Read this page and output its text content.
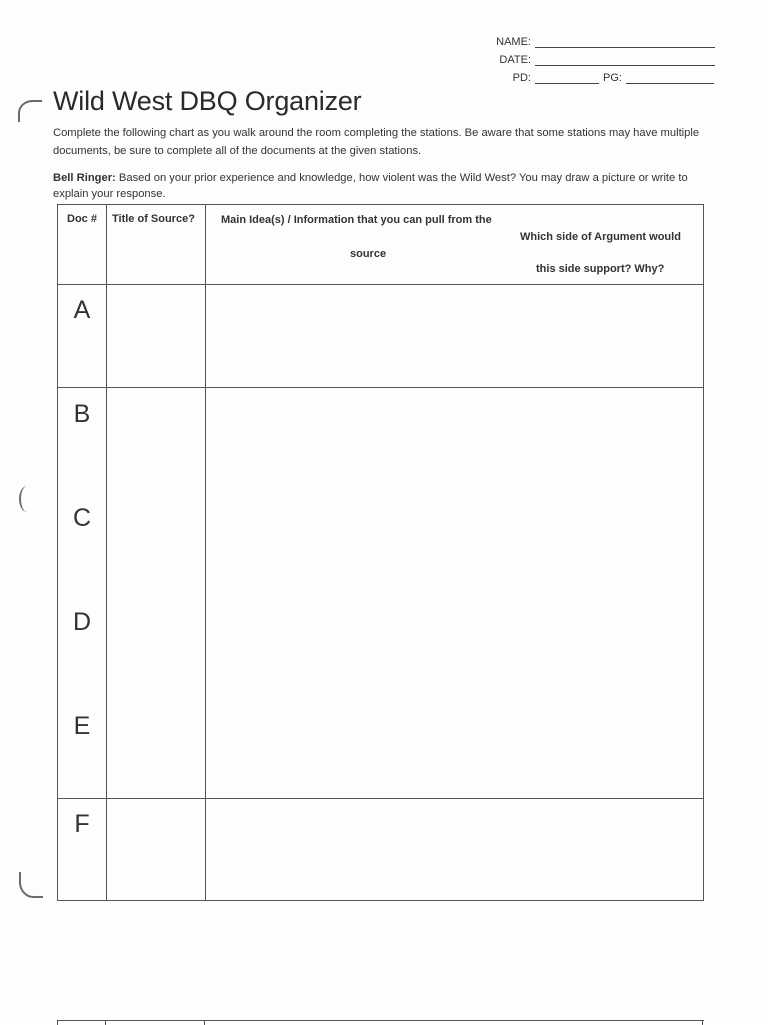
NAME:
DATE:
PD:	PG:
Wild West DBQ Organizer
Complete the following chart as you walk around the room completing the stations. Be aware that some stations may have multiple documents, be sure to complete all of the documents at the given stations.
Bell Ringer: Based on your prior experience and knowledge, how violent was the Wild West? You may draw a picture or write to explain your response.
Doc # Title of Source? Main Idea(s) / Information that you can pull from the
source
Which side of Argument would
this side support? Why?
A
B
C
D
E
F
